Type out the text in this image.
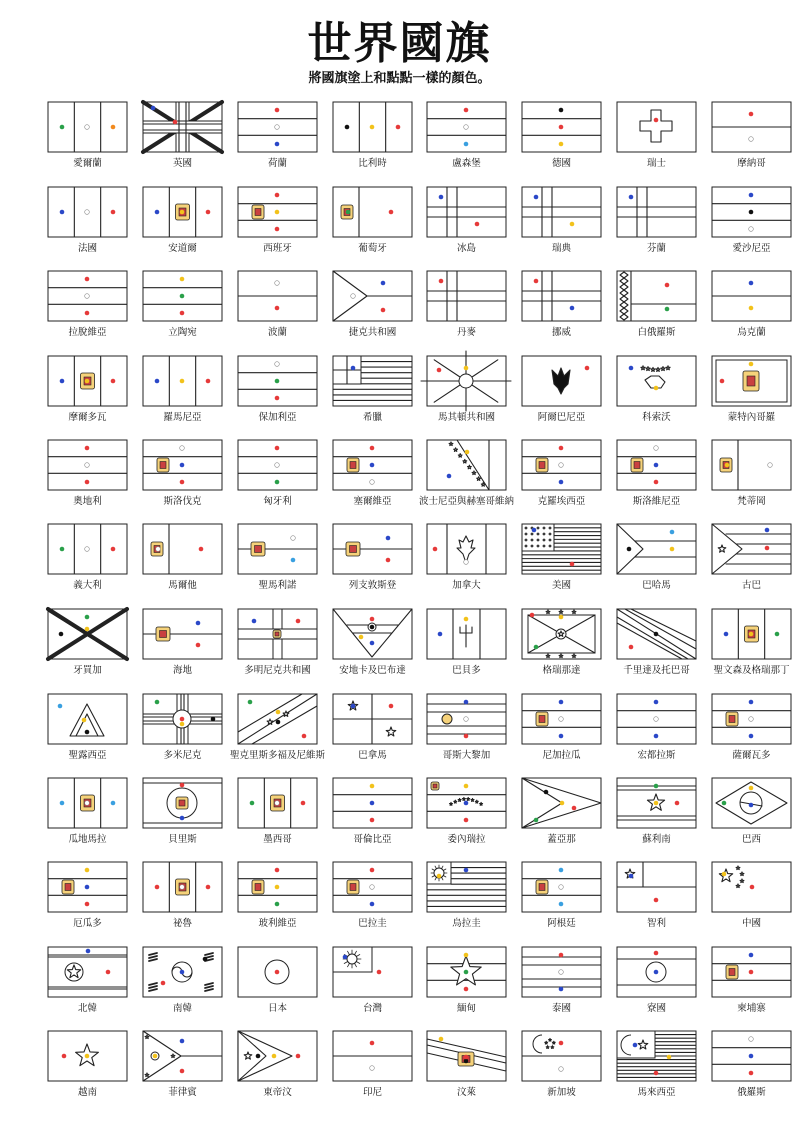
世界國旗
將國旗塗上和點點一樣的顏色。
愛爾蘭	英國	荷蘭	比利時	盧森堡	德國	瑞士	摩納哥
法國	安道爾	西班牙	葡萄牙	冰島	瑞典	芬蘭	愛沙尼亞
拉脫維亞	立陶宛	波蘭	捷克共和國	丹麥	挪威	白俄羅斯	烏克蘭
摩爾多瓦	羅馬尼亞	保加利亞	希臘	馬其頓共和國	阿爾巴尼亞	科索沃	蒙特內哥羅
奧地利	斯洛伐克	匈牙利	塞爾維亞	波士尼亞與赫塞哥維納	克羅埃西亞	斯洛維尼亞	梵蒂岡
義大利	馬爾他	聖馬利諾	列支敦斯登	加拿大	美國	巴哈馬	古巴
牙買加	海地	多明尼克共和國	安地卡及巴布達	巴貝多	格瑞那達	千里達及托巴哥	聖文森及格瑞那丁
聖露西亞	多米尼克	聖克里斯多福及尼維斯	巴拿馬	哥斯大黎加	尼加拉瓜	宏都拉斯	薩爾瓦多
瓜地馬拉	貝里斯	墨西哥	哥倫比亞	委內瑞拉	蓋亞那	蘇利南	巴西
厄瓜多	祕魯	玻利維亞	巴拉圭	烏拉圭	阿根廷	智利	中國
北韓	南韓	日本	台灣	緬甸	泰國	寮國	柬埔寨
越南	菲律賓	東帝汶	印尼	汶萊	新加坡	馬來西亞	俄羅斯
